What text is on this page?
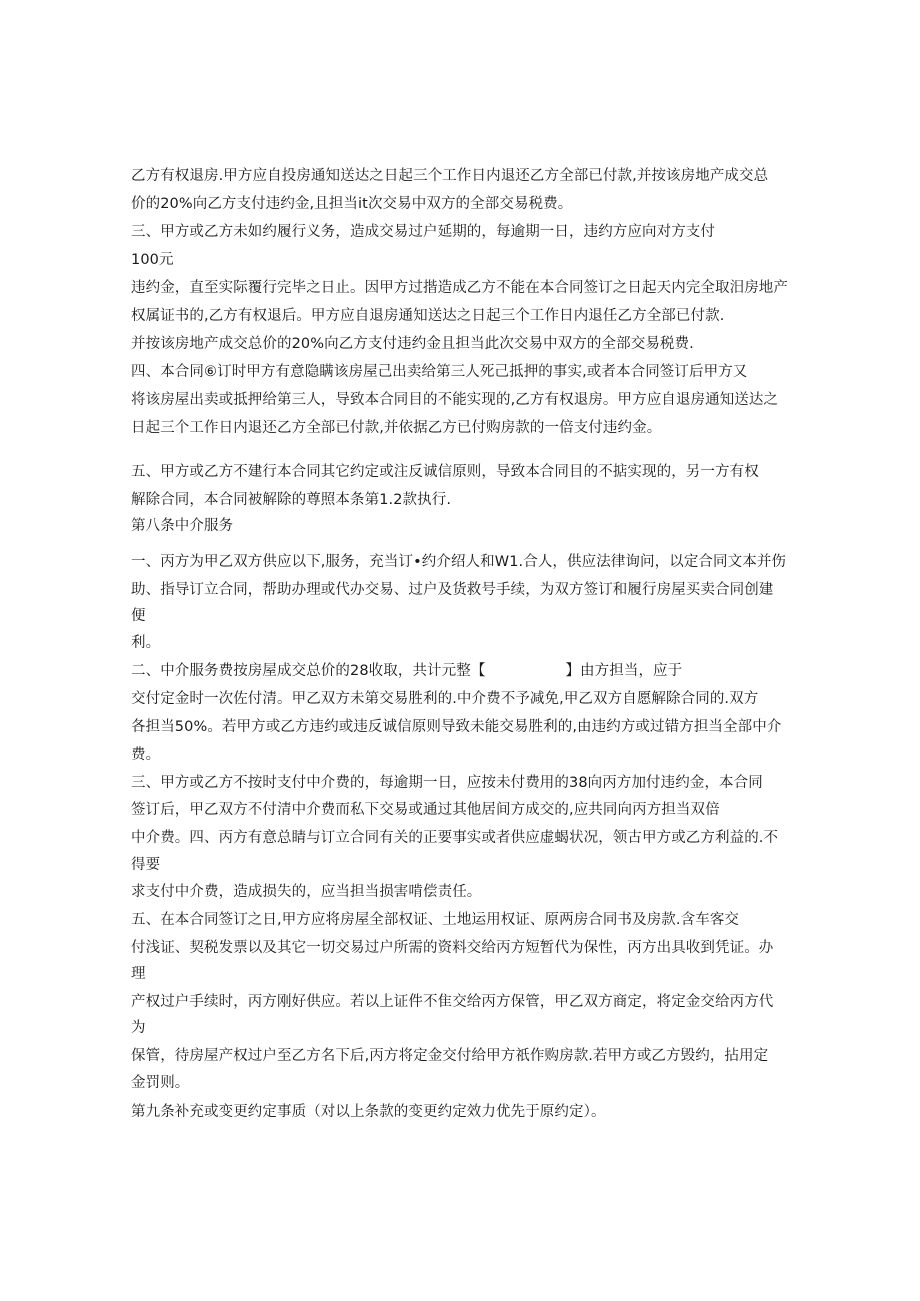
乙方有权退房.甲方应自投房通知送达之日起三个工作日内退还乙方全部已付款,并按该房地产成交总
价的20%向乙方支付违约金,且担当it次交易中双方的全部交易税费。
三、甲方或乙方未如约履行义务，造成交易过户延期的，每逾期一日，违约方应向对方支付
100元
违约金，直至实际覆行完毕之日止。因甲方过揩造成乙方不能在本合同签订之日起天内完全取汨房地产
权属证书的,乙方有权退后。甲方应自退房通知送达之日起三个工作日内退任乙方全部已付款.
并按该房地产成交总价的20%向乙方支付违约金且担当此次交易中双方的全部交易税费.
四、本合同⑥订时甲方有意隐瞒该房屋己出卖给第三人死己抵押的事实,或者本合同签订后甲方又
将该房屋出卖或抵押给第三人，导致本合同目的不能实现的,乙方有权退房。甲方应自退房通知送达之
日起三个工作日内退还乙方全部已付款,并依据乙方已付购房款的一倍支付违约金。
五、甲方或乙方不建行本合同其它约定或注反诚信原则，导致本合同目的不掂实现的，另一方有权
解除合同，本合同被解除的尊照本条第1.2款执行.
第八条中介服务
一、丙方为甲乙双方供应以下,服务，充当订•约介绍人和W1.合人，供应法律询问，以定合同文本并伤
助、指导订立合同，帮助办理或代办交易、过户及货救号手续，为双方签订和履行房屋买卖合同创建
便
利。
二、中介服务费按房屋成交总价的28收取，共计元整【	】由方担当，应于
交付定金时一次佐付清。甲乙双方未第交易胜利的.中介费不予减免,甲乙双方自愿解除合同的.双方
各担当50%。若甲方或乙方违约或违反诚信原则导致未能交易胜利的,由违约方或过错方担当全部中介
费。
三、甲方或乙方不按时支付中介费的，每逾期一日，应按未付费用的38向丙方加付违约金，本合同
签订后，甲乙双方不付清中介费而私下交易或通过其他居间方成交的,应共同向丙方担当双倍
中介费。四、丙方有意总睛与订立合同有关的正要事实或者供应虚蝎状况，领古甲方或乙方利益的.不
得要
求支付中介费，造成损失的，应当担当损害啃偿责任。
五、在本合同签订之日,甲方应将房屋全部权证、土地运用权证、原两房合同书及房款.含车客交
付浅证、契税发票以及其它一切交易过户所需的资料交给丙方短暂代为保性，丙方出具收到凭证。办
理
产权过户手续时，丙方刚好供应。若以上证件不隹交给丙方保管，甲乙双方商定，将定金交给丙方代
为
保管，待房屋产权过户至乙方名下后,丙方将定金交付给甲方祇作购房款.若甲方或乙方毁约，拈用定
金罚则。
第九条补充或变更约定事质（对以上条款的变更约定效力优先于原约定）。
